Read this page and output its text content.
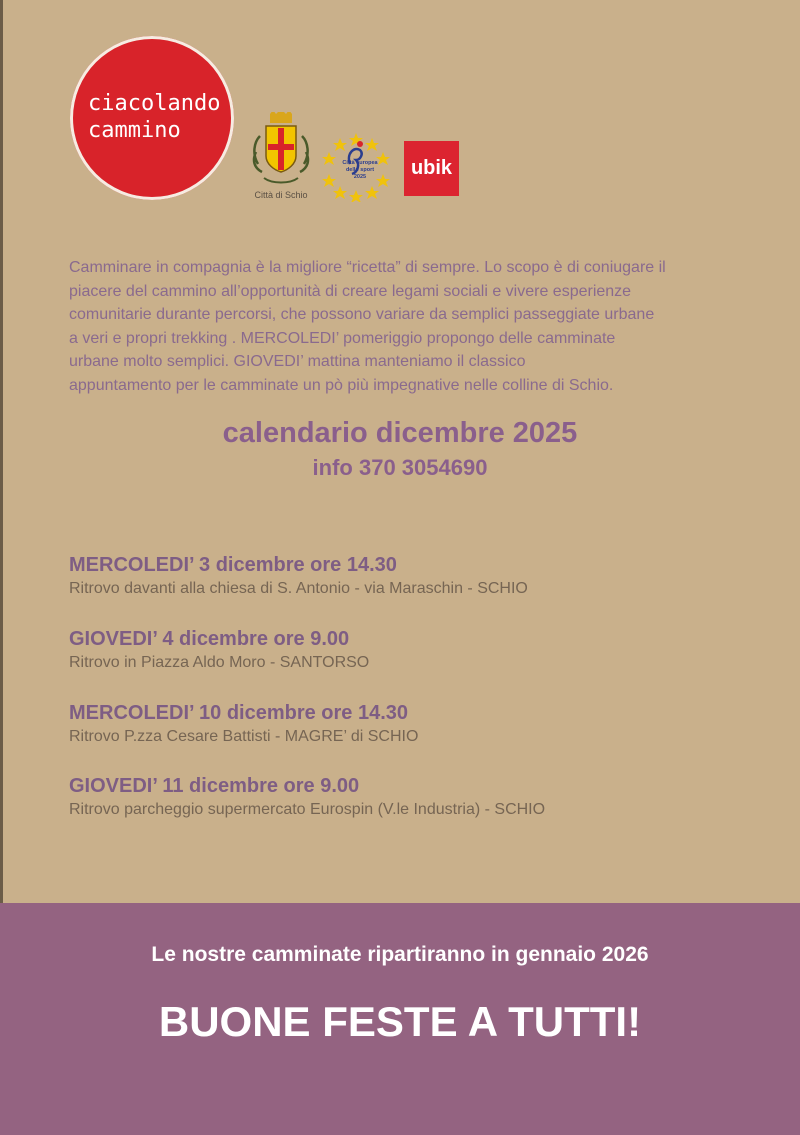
ciacolando
cammino
Città di Schio
Città europea dello sport 2025	ubik
Camminare in compagnia è la migliore “ricetta” di sempre. Lo scopo è di coniugare il
piacere del cammino all’opportunità di creare legami sociali e vivere esperienze
comunitarie durante percorsi, che possono variare da semplici passeggiate urbane
a veri e propri trekking . MERCOLEDI’ pomeriggio propongo delle camminate
urbane molto semplici. GIOVEDI’ mattina manteniamo il classico
appuntamento per le camminate un pò più impegnative nelle colline di Schio.
calendario dicembre 2025
info 370 3054690
MERCOLEDI’ 3 dicembre ore 14.30
Ritrovo davanti alla chiesa di S. Antonio - via Maraschin - SCHIO
GIOVEDI’ 4 dicembre ore 9.00
Ritrovo in Piazza Aldo Moro - SANTORSO
MERCOLEDI’ 10 dicembre ore 14.30
Ritrovo P.zza Cesare Battisti - MAGRE’ di SCHIO
GIOVEDI’ 11 dicembre ore 9.00
Ritrovo parcheggio supermercato Eurospin (V.le Industria) - SCHIO
Le nostre camminate ripartiranno in gennaio 2026
BUONE FESTE A TUTTI!
